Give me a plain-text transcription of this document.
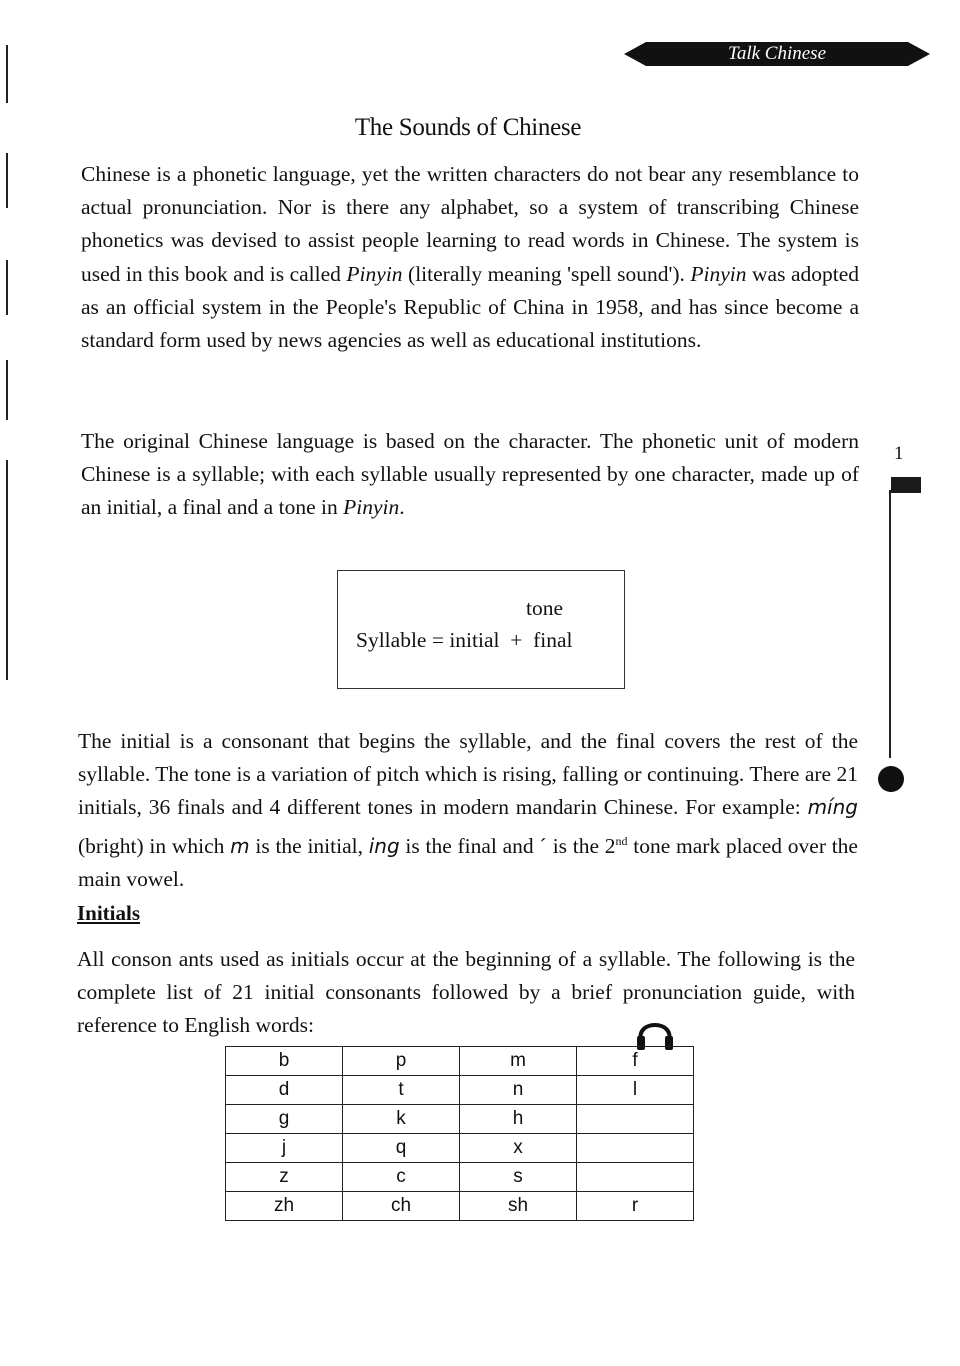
Talk Chinese
The Sounds of Chinese
Chinese is a phonetic language, yet the written characters do not bear any resemblance to actual pronunciation. Nor is there any alphabet, so a system of transcribing Chinese phonetics was devised to assist people learning to read words in Chinese. The system is used in this book and is called Pinyin (literally meaning 'spell sound'). Pinyin was adopted as an official system in the People's Republic of China in 1958, and has since become a standard form used by news agencies as well as educational institutions.
The original Chinese language is based on the character. The phonetic unit of modern Chinese is a syllable; with each syllable usually represented by one character, made up of an initial, a final and a tone in Pinyin.
1
tone
Syllable = initial  +  final
The initial is a consonant that begins the syllable, and the final covers the rest of the syllable. The tone is a variation of pitch which is rising, falling or continuing. There are 21 initials, 36 finals and 4 different tones in modern mandarin Chinese. For example: míng (bright) in which m is the initial, ing is the final and ˊ is the 2nd tone mark placed over the main vowel.
Initials
All conson ants used as initials occur at the beginning of a syllable. The following is the complete list of 21 initial consonants followed by a brief pronunciation guide, with reference to English words:
b	p	m	f
d	t	n	l
g	k	h	
j	q	x	
z	c	s	
zh	ch	sh	r
